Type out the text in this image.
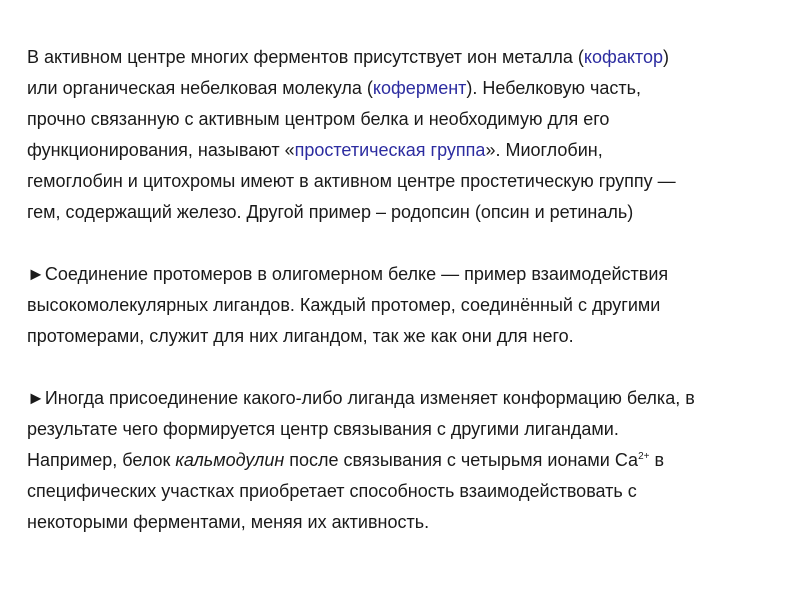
В активном центре многих ферментов присутствует ион металла (кофактор)
или органическая небелковая молекула (кофермент). Небелковую часть,
прочно связанную с активным центром белка и необходимую для его
функционирования, называют «простетическая группа». Миоглобин,
гемоглобин и цитохромы имеют в активном центре простетическую группу —
гем, содержащий железо. Другой пример – родопсин (опсин и ретиналь)

►Соединение протомеров в олигомерном белке — пример взаимодействия
высокомолекулярных лигандов. Каждый протомер, соединённый с другими
протомерами, служит для них лигандом, так же как они для него.

►Иногда присоединение какого-либо лиганда изменяет конформацию белка, в
результате чего формируется центр связывания с другими лигандами.
Например, белок кальмодулин после связывания с четырьмя ионами $Са^{2+}$ в
специфических участках приобретает способность взаимодействовать с
некоторыми ферментами, меняя их активность.
